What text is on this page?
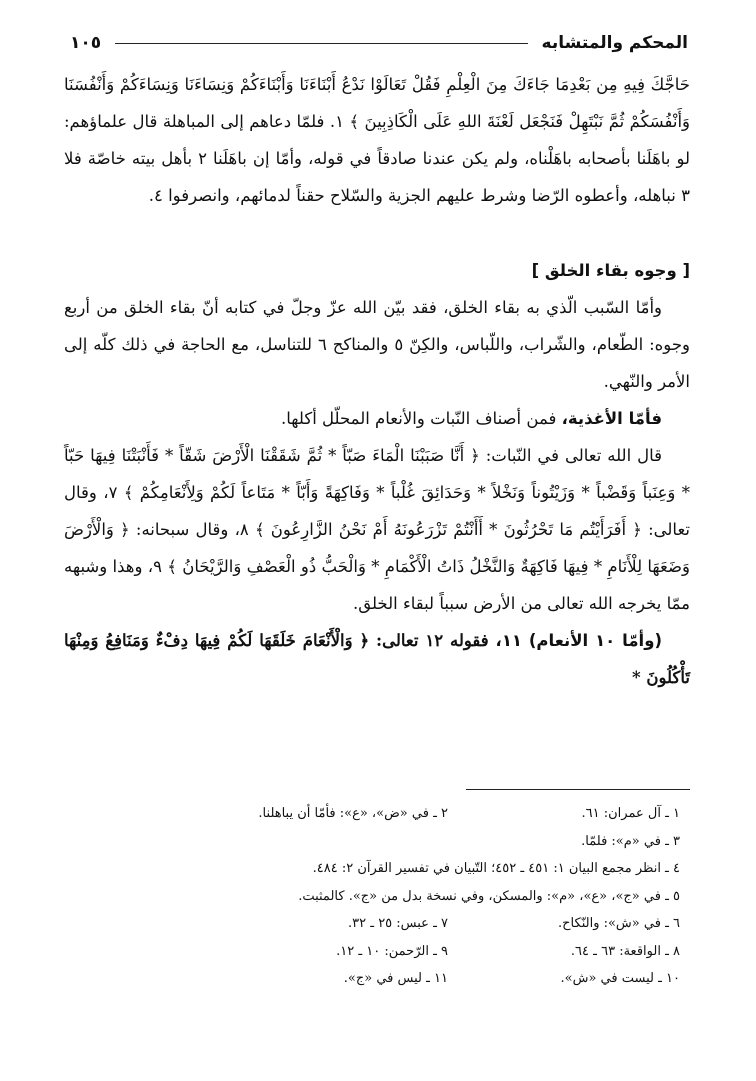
المحكم والمتشابه
١٠٥

حَاجَّكَ فِيهِ مِن بَعْدِمَا جَاءَكَ مِنَ الْعِلْمِ فَقُلْ تَعَالَوْا نَدْعُ أَبْنَاءَنَا وَأَبْنَاءَكُمْ وَنِسَاءَنَا وَنِسَاءَكُمْ وَأَنْفُسَنَا وَأَنْفُسَكُمْ ثُمَّ نَبْتَهِلْ فَنَجْعَل لَعْنَةَ اللهِ عَلَى الْكَاذِبِينَ ﴾ ١. فلمّا دعاهم إلى المباهلة قال علماؤهم: لو باهَلَنا بأصحابه باهَلْناه، ولم يكن عندنا صادقاً في قوله، وأمّا إن باهَلَنا ٢ بأهل بيته خاصّة فلا ٣ نباهله، وأعطوه الرّضا وشرط عليهم الجزية والسّلاح حقناً لدمائهم، وانصرفوا ٤.

[ وجوه بقاء الخلق ]

وأمّا السّبب الّذي به بقاء الخلق، فقد بيّن الله عزّ وجلّ في كتابه أنّ بقاء الخلق من أربع وجوه: الطّعام، والشّراب، واللّباس، والكِنّ ٥ والمناكح ٦ للتناسل، مع الحاجة في ذلك كلّه إلى الأمر والنّهي.

فأمّا الأغذية، فمن أصناف النّبات والأنعام المحلّل أكلها.

قال الله تعالى في النّبات: ﴿ أَنَّا صَبَبْنَا الْمَاءَ صَبّاً * ثُمَّ شَقَقْنَا الْأَرْضَ شَقّاً * فَأَنْبَتْنَا فِيهَا حَبّاً * وَعِنَباً وَقَضْباً * وَزَيْتُوناً وَنَخْلاً * وَحَدَائِقَ غُلْباً * وَفَاكِهَةً وَأَبّاً * مَتَاعاً لَكُمْ وَلِأَنْعَامِكُمْ ﴾ ٧، وقال تعالى: ﴿ أَفَرَأَيْتُم مَا تَحْرُثُونَ * أَأَنْتُمْ تَزْرَعُونَهُ أَمْ نَحْنُ الزَّارِعُونَ ﴾ ٨، وقال سبحانه: ﴿ وَالْأَرْضَ وَضَعَهَا لِلْأَنَامِ * فِيهَا فَاكِهَةٌ وَالنَّخْلُ ذَاتُ الْأَكْمَامِ * وَالْحَبُّ ذُو الْعَصْفِ وَالرَّيْحَانُ ﴾ ٩، وهذا وشبهه ممّا يخرجه الله تعالى من الأرض سبباً لبقاء الخلق.

(وأمّا ١٠ الأنعام) ١١، فقوله ١٢ تعالى: ﴿ وَالْأَنْعَامَ خَلَقَهَا لَكُمْ فِيهَا دِفْءٌ وَمَنَافِعُ وَمِنْهَا تَأْكُلُونَ *

١ ـ آل عمران: ٦١.
٢ ـ في «ض»، «ع»: فأمّا أن يباهلنا.
٣ ـ في «م»: فلمّا.
٤ ـ انظر مجمع البيان ١: ٤٥١ ـ ٤٥٢؛ التّبيان في تفسير القرآن ٢: ٤٨٤.
٥ ـ في «ج»، «ع»، «م»: والمسكن، وفي نسخة بدل من «ج». كالمثبت.
٦ ـ في «ش»: والنّكاح.
٧ ـ عبس: ٢٥ ـ ٣٢.
٨ ـ الواقعة: ٦٣ ـ ٦٤.
٩ ـ الرّحمن: ١٠ ـ ١٢.
١٠ ـ ليست في «ش».
١١ ـ ليس في «ج».
